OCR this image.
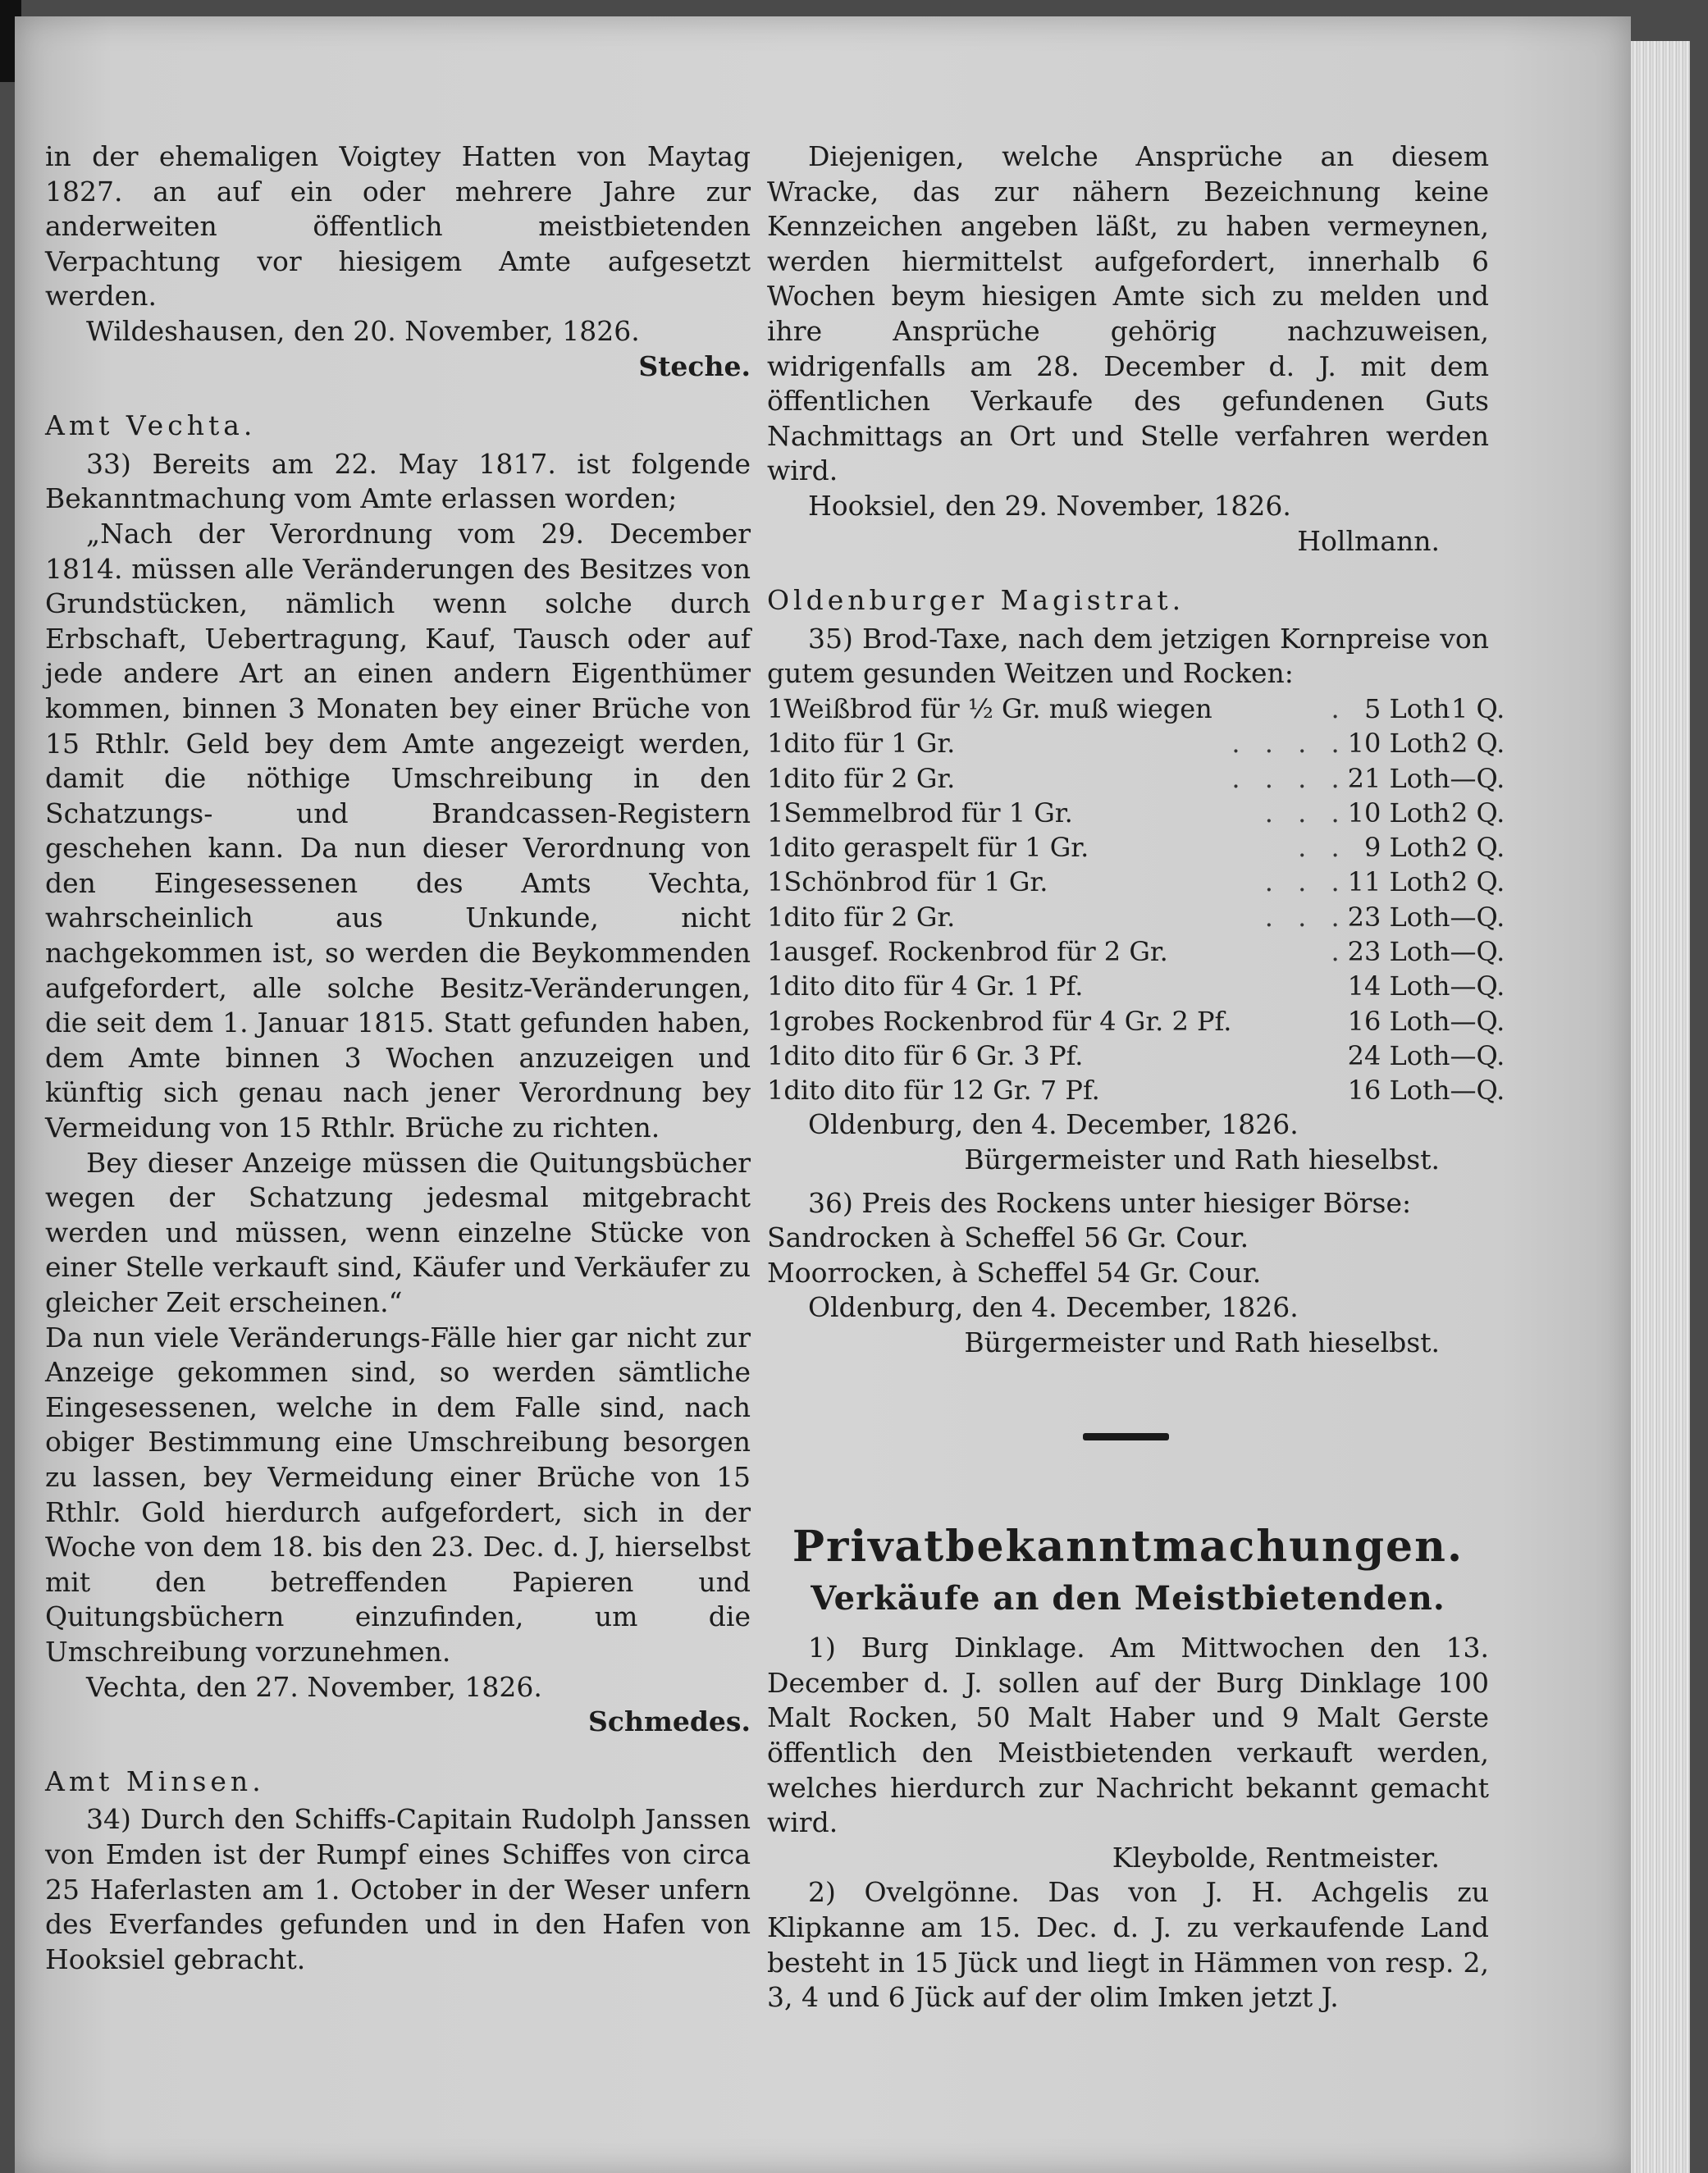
in der ehemaligen Voigtey Hatten von Maytag 1827. an auf ein oder mehrere Jahre zur anderweiten öffentlich meistbietenden Verpachtung vor hiesigem Amte aufgesetzt werden.

Wildeshausen, den 20. November, 1826.

Steche.

Amt Vechta.

33) Bereits am 22. May 1817. ist folgende Bekanntmachung vom Amte erlassen worden;

„Nach der Verordnung vom 29. December 1814. müssen alle Veränderungen des Besitzes von Grundstücken, nämlich wenn solche durch Erbschaft, Uebertragung, Kauf, Tausch oder auf jede andere Art an einen andern Eigenthümer kommen, binnen 3 Monaten bey einer Brüche von 15 Rthlr. Geld bey dem Amte angezeigt werden, damit die nöthige Umschreibung in den Schatzungs- und Brandcassen-Registern geschehen kann. Da nun dieser Verordnung von den Eingesessenen des Amts Vechta, wahrscheinlich aus Unkunde, nicht nachgekommen ist, so werden die Beykommenden aufgefordert, alle solche Besitz-Veränderungen, die seit dem 1. Januar 1815. Statt gefunden haben, dem Amte binnen 3 Wochen anzuzeigen und künftig sich genau nach jener Verordnung bey Vermeidung von 15 Rthlr. Brüche zu richten.

Bey dieser Anzeige müssen die Quitungsbücher wegen der Schatzung jedesmal mitgebracht werden und müssen, wenn einzelne Stücke von einer Stelle verkauft sind, Käufer und Verkäufer zu gleicher Zeit erscheinen.“

Da nun viele Veränderungs-Fälle hier gar nicht zur Anzeige gekommen sind, so werden sämtliche Eingesessenen, welche in dem Falle sind, nach obiger Bestimmung eine Umschreibung besorgen zu lassen, bey Vermeidung einer Brüche von 15 Rthlr. Gold hierdurch aufgefordert, sich in der Woche von dem 18. bis den 23. Dec. d. J, hierselbst mit den betreffenden Papieren und Quitungsbüchern einzufinden, um die Umschreibung vorzunehmen.

Vechta, den 27. November, 1826.

Schmedes.

Amt Minsen.

34) Durch den Schiffs-Capitain Rudolph Janssen von Emden ist der Rumpf eines Schiffes von circa 25 Haferlasten am 1. October in der Weser unfern des Everfandes gefunden und in den Hafen von Hooksiel gebracht.

Diejenigen, welche Ansprüche an diesem Wracke, das zur nähern Bezeichnung keine Kennzeichen angeben läßt, zu haben vermeynen, werden hiermittelst aufgefordert, innerhalb 6 Wochen beym hiesigen Amte sich zu melden und ihre Ansprüche gehörig nachzuweisen, widrigenfalls am 28. December d. J. mit dem öffentlichen Verkaufe des gefundenen Guts Nachmittags an Ort und Stelle verfahren werden wird.

Hooksiel, den 29. November, 1826.

Hollmann.

Oldenburger Magistrat.

35) Brod-Taxe, nach dem jetzigen Kornpreise von gutem gesunden Weitzen und Rocken:

1	Weißbrod für ½ Gr. muß wiegen	.	5 Loth	1 Q.
1	dito für 1 Gr.	. . . .	10 Loth	2 Q.
1	dito für 2 Gr.	. . . .	21 Loth	—Q.
1	Semmelbrod für 1 Gr.	. . .	10 Loth	2 Q.
1	dito geraspelt für 1 Gr.	. .	9 Loth	2 Q.
1	Schönbrod für 1 Gr.	. . .	11 Loth	2 Q.
1	dito für 2 Gr.	. . .	23 Loth	—Q.
1	ausgef. Rockenbrod für 2 Gr.	.	23 Loth	—Q.
1	dito dito für 4 Gr. 1 Pf.		14 Loth	—Q.
1	grobes Rockenbrod für 4 Gr. 2 Pf.		16 Loth	—Q.
1	dito dito für 6 Gr. 3 Pf.		24 Loth	—Q.
1	dito dito für 12 Gr. 7 Pf.		16 Loth	—Q.

Oldenburg, den 4. December, 1826.

Bürgermeister und Rath hieselbst.

36) Preis des Rockens unter hiesiger Börse:

Sandrocken à Scheffel 56 Gr. Cour.

Moorrocken, à Scheffel 54 Gr. Cour.

Oldenburg, den 4. December, 1826.

Bürgermeister und Rath hieselbst.

Privatbekanntmachungen.

Verkäufe an den Meistbietenden.

1) Burg Dinklage. Am Mittwochen den 13. December d. J. sollen auf der Burg Dinklage 100 Malt Rocken, 50 Malt Haber und 9 Malt Gerste öffentlich den Meistbietenden verkauft werden, welches hierdurch zur Nachricht bekannt gemacht wird.

Kleybolde, Rentmeister.

2) Ovelgönne. Das von J. H. Achgelis zu Klipkanne am 15. Dec. d. J. zu verkaufende Land besteht in 15 Jück und liegt in Hämmen von resp. 2, 3, 4 und 6 Jück auf der olim Imken jetzt J.
